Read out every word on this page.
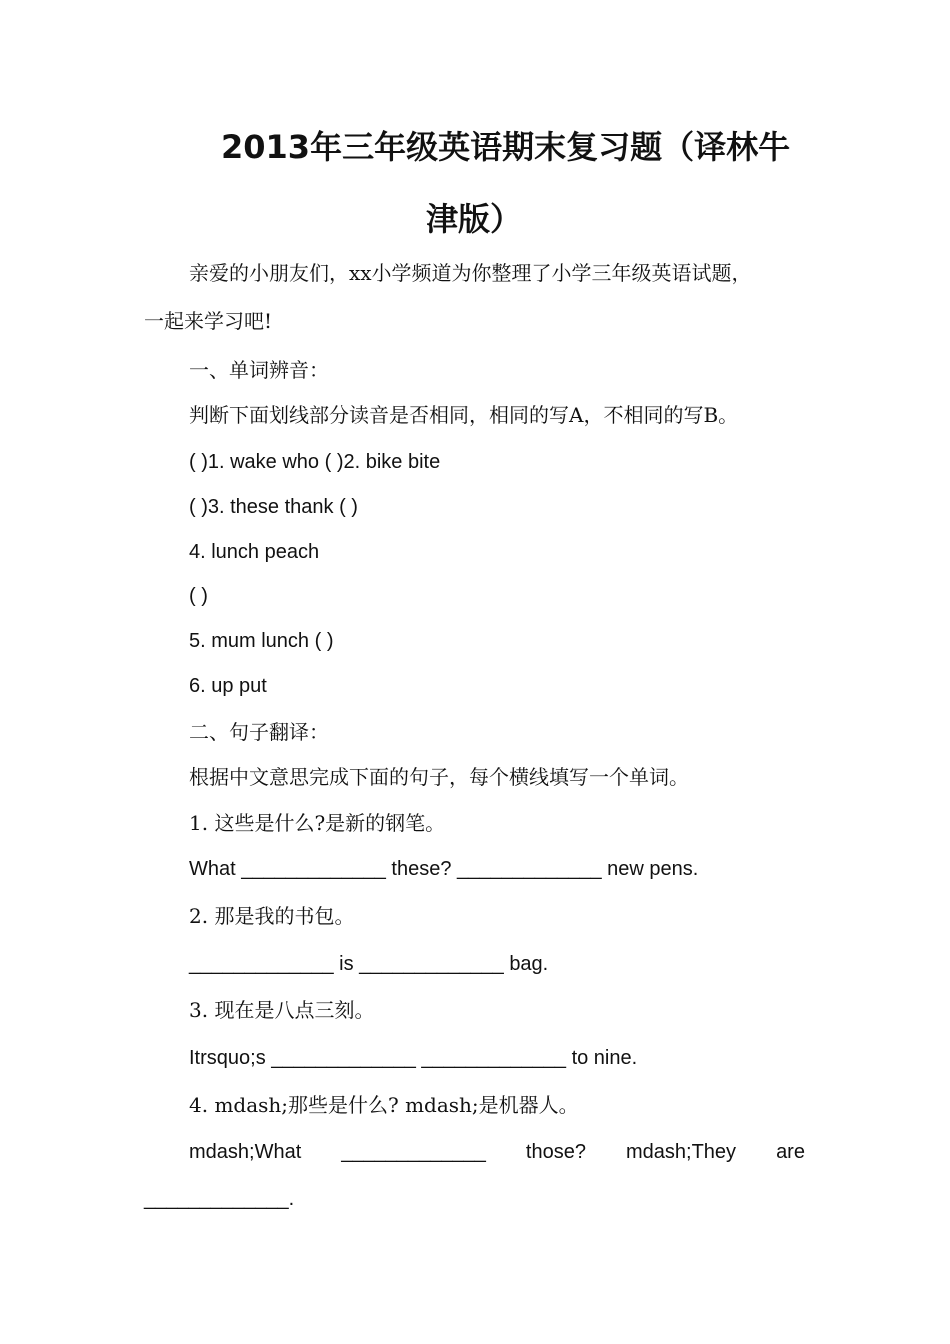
2013年三年级英语期末复习题（译林牛
津版）
亲爱的小朋友们，xx小学频道为你整理了小学三年级英语试题，
一起来学习吧!
一、单词辨音：
判断下面划线部分读音是否相同，相同的写A，不相同的写B。
( )1. wake who ( )2. bike bite
( )3. these thank ( )
4. lunch peach
( )
5. mum lunch ( )
6. up put
二、句子翻译：
根据中文意思完成下面的句子，每个横线填写一个单词。
1. 这些是什么?是新的钢笔。
What _____________ these? _____________ new pens.
2. 那是我的书包。
_____________ is _____________ bag.
3. 现在是八点三刻。
Itrsquo;s _____________ _____________ to nine.
4. mdash;那些是什么? mdash;是机器人。
mdash;What _____________ those? mdash;They are
_____________.
